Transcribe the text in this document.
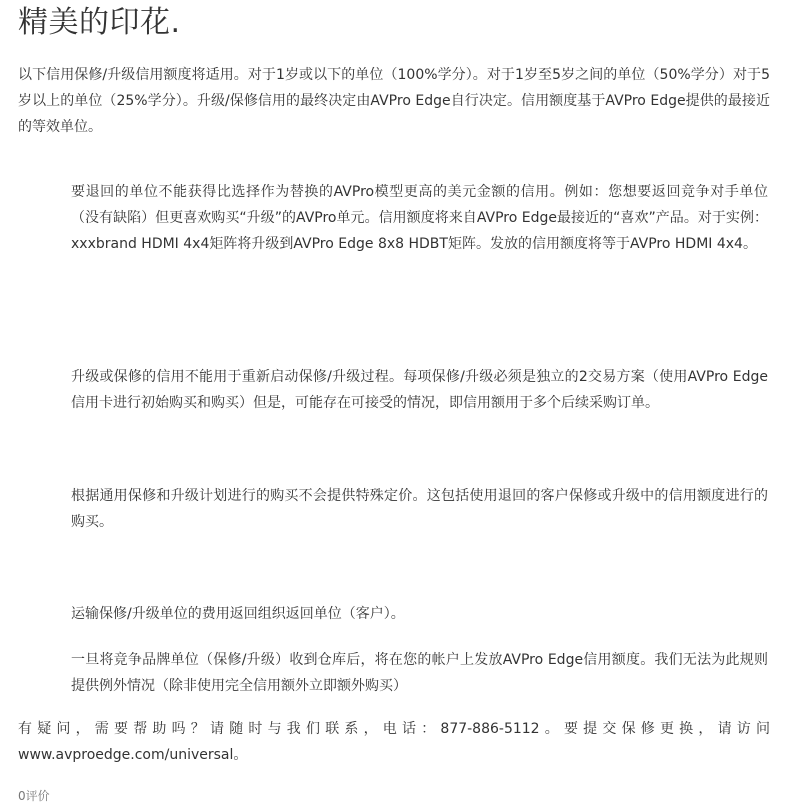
精美的印花.
以下信用保修/升级信用额度将适用。对于1岁或以下的单位（100%学分）。对于1岁至5岁之间的单位（50%学分）对于5岁以上的单位（25%学分）。升级/保修信用的最终决定由AVPro Edge自行决定。信用额度基于AVPro Edge提供的最接近的等效单位。
要退回的单位不能获得比选择作为替换的AVPro模型更高的美元金额的信用。例如：您想要返回竞争对手单位（没有缺陷）但更喜欢购买“升级”的AVPro单元。信用额度将来自AVPro Edge最接近的“喜欢”产品。对于实例：xxxbrand HDMI 4x4矩阵将升级到AVPro Edge 8x8 HDBT矩阵。发放的信用额度将等于AVPro HDMI 4x4。
升级或保修的信用不能用于重新启动保修/升级过程。每项保修/升级必须是独立的2交易方案（使用AVPro Edge信用卡进行初始购买和购买）但是，可能存在可接受的情况，即信用额用于多个后续采购订单。
根据通用保修和升级计划进行的购买不会提供特殊定价。这包括使用退回的客户保修或升级中的信用额度进行的购买。
运输保修/升级单位的费用返回组织返回单位（客户）。
一旦将竞争品牌单位（保修/升级）收到仓库后，将在您的帐户上发放AVPro Edge信用额度。我们无法为此规则提供例外情况（除非使用完全信用额外立即额外购买）
有疑问，需要帮助吗？请随时与我们联系，电话：877-886-5112。要提交保修更换，请访问
www.avproedge.com/universal。
0评价
